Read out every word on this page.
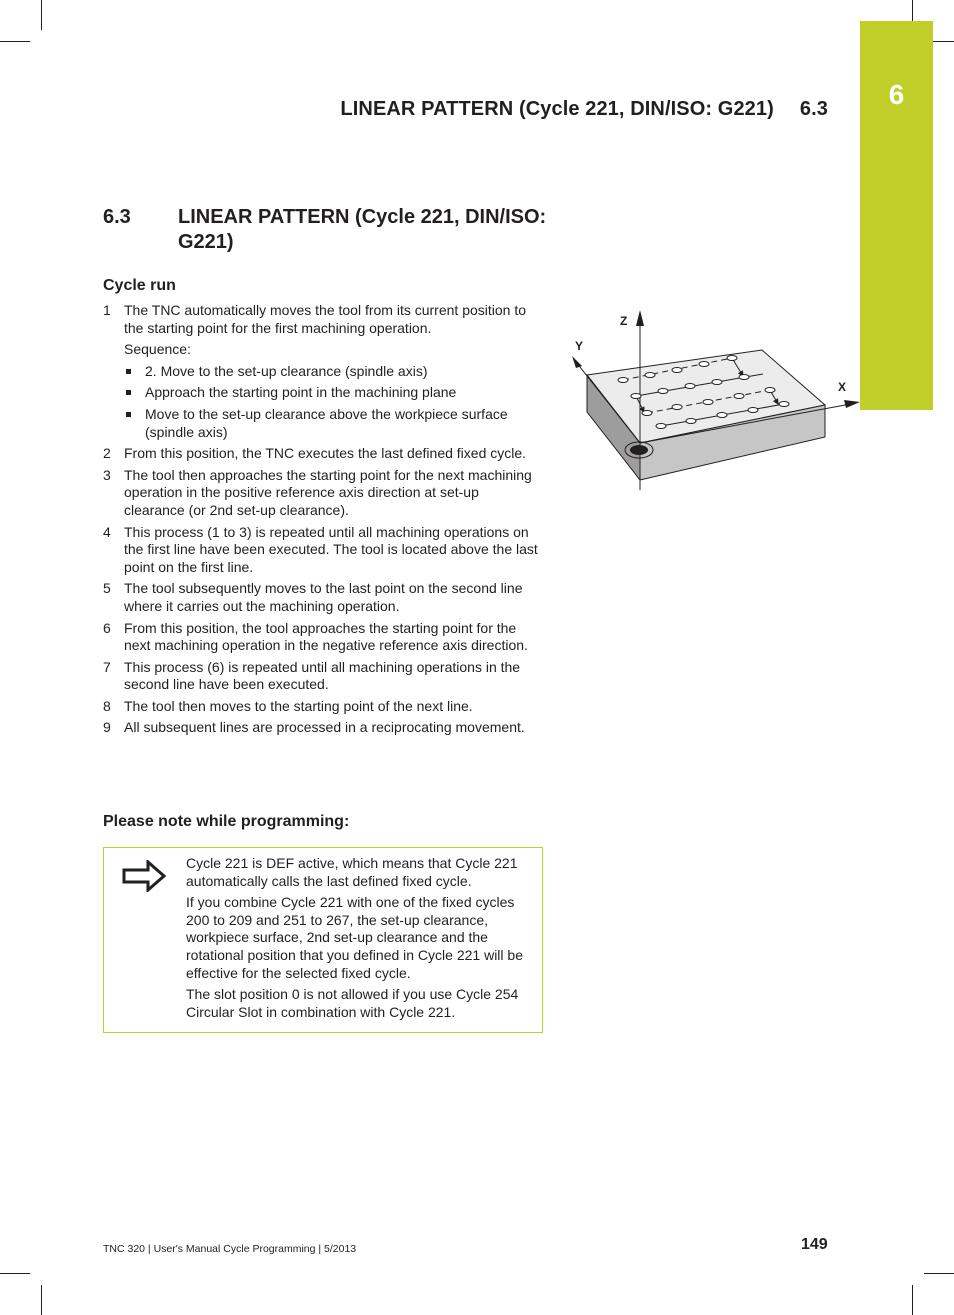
6
LINEAR PATTERN (Cycle 221, DIN/ISO: G221) 6.3
6.3 LINEAR PATTERN (Cycle 221, DIN/ISO: G221)
Cycle run
1 The TNC automatically moves the tool from its current position to the starting point for the first machining operation.
Sequence:
2. Move to the set-up clearance (spindle axis)
Approach the starting point in the machining plane
Move to the set-up clearance above the workpiece surface (spindle axis)
2 From this position, the TNC executes the last defined fixed cycle.
3 The tool then approaches the starting point for the next machining operation in the positive reference axis direction at set-up clearance (or 2nd set-up clearance).
4 This process (1 to 3) is repeated until all machining operations on the first line have been executed. The tool is located above the last point on the first line.
5 The tool subsequently moves to the last point on the second line where it carries out the machining operation.
6 From this position, the tool approaches the starting point for the next machining operation in the negative reference axis direction.
7 This process (6) is repeated until all machining operations in the second line have been executed.
8 The tool then moves to the starting point of the next line.
9 All subsequent lines are processed in a reciprocating movement.
Please note while programming:

Cycle 221 is DEF active, which means that Cycle 221 automatically calls the last defined fixed cycle.

If you combine Cycle 221 with one of the fixed cycles 200 to 209 and 251 to 267, the set-up clearance, workpiece surface, 2nd set-up clearance and the rotational position that you defined in Cycle 221 will be effective for the selected fixed cycle.

The slot position 0 is not allowed if you use Cycle 254 Circular Slot in combination with Cycle 221.

Z
Y
X
TNC 320 | User's Manual Cycle Programming | 5/2013	149
